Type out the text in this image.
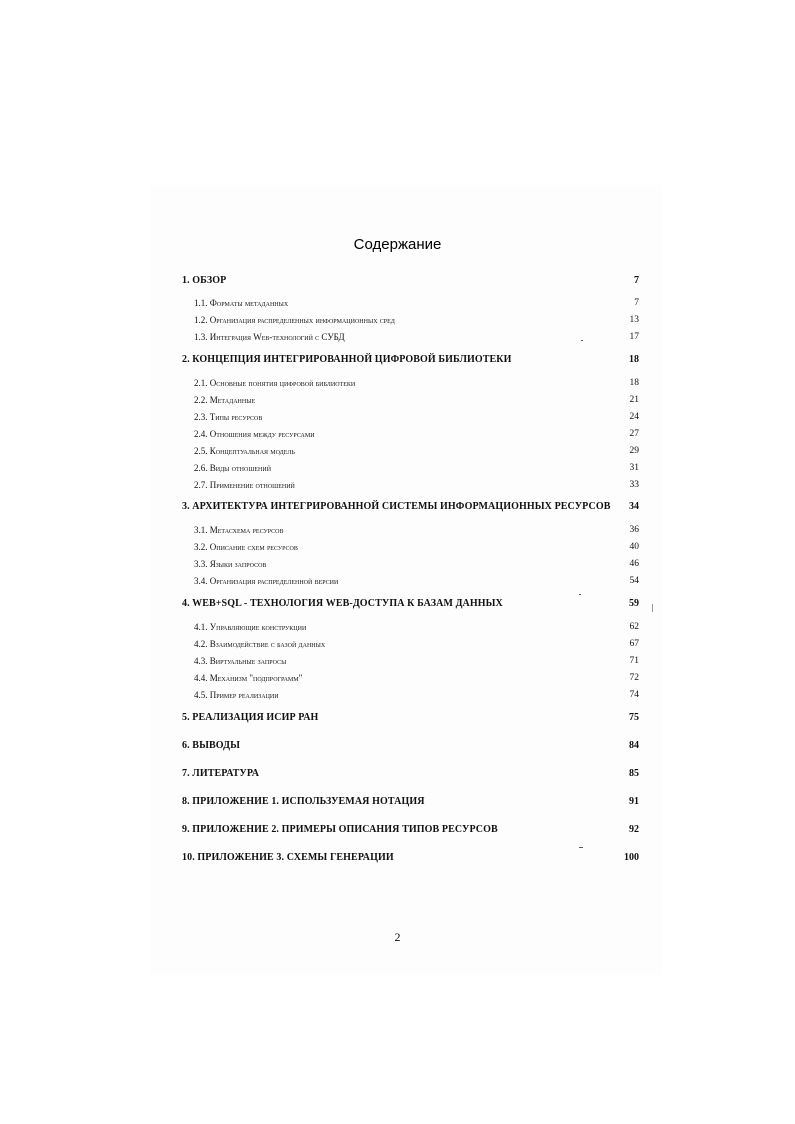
Содержание
1. ОБЗОР	7
1.1. Форматы метаданных	7
1.2. Организация распределенных информационных сред	13
1.3. Интеграция Web-технологий с СУБД	17
2. КОНЦЕПЦИЯ ИНТЕГРИРОВАННОЙ ЦИФРОВОЙ БИБЛИОТЕКИ	18
2.1. Основные понятия цифровой библиотеки	18
2.2. Метаданные	21
2.3. Типы ресурсов	24
2.4. Отношения между ресурсами	27
2.5. Концептуальная модель	29
2.6. Виды отношений	31
2.7. Применение отношений	33
3. АРХИТЕКТУРА ИНТЕГРИРОВАННОЙ СИСТЕМЫ ИНФОРМАЦИОННЫХ РЕСУРСОВ 34
3.1. Метасхема ресурсов	36
3.2. Описание схем ресурсов	40
3.3. Языки запросов	46
3.4. Организация распределенной версии	54
4. WEB+SQL - ТЕХНОЛОГИЯ WEB-ДОСТУПА К БАЗАМ ДАННЫХ	59
4.1. Управляющие конструкции	62
4.2. Взаимодействие с базой данных	67
4.3. Виртуальные запросы	71
4.4. Механизм "подпрограмм"	72
4.5. Пример реализации	74
5. РЕАЛИЗАЦИЯ ИСИР РАН	75
6. ВЫВОДЫ	84
7. ЛИТЕРАТУРА	85
8. ПРИЛОЖЕНИЕ 1. ИСПОЛЬЗУЕМАЯ НОТАЦИЯ	91
9. ПРИЛОЖЕНИЕ 2. ПРИМЕРЫ ОПИСАНИЯ ТИПОВ РЕСУРСОВ	92
10. ПРИЛОЖЕНИЕ 3. СХЕМЫ ГЕНЕРАЦИИ	100
2
